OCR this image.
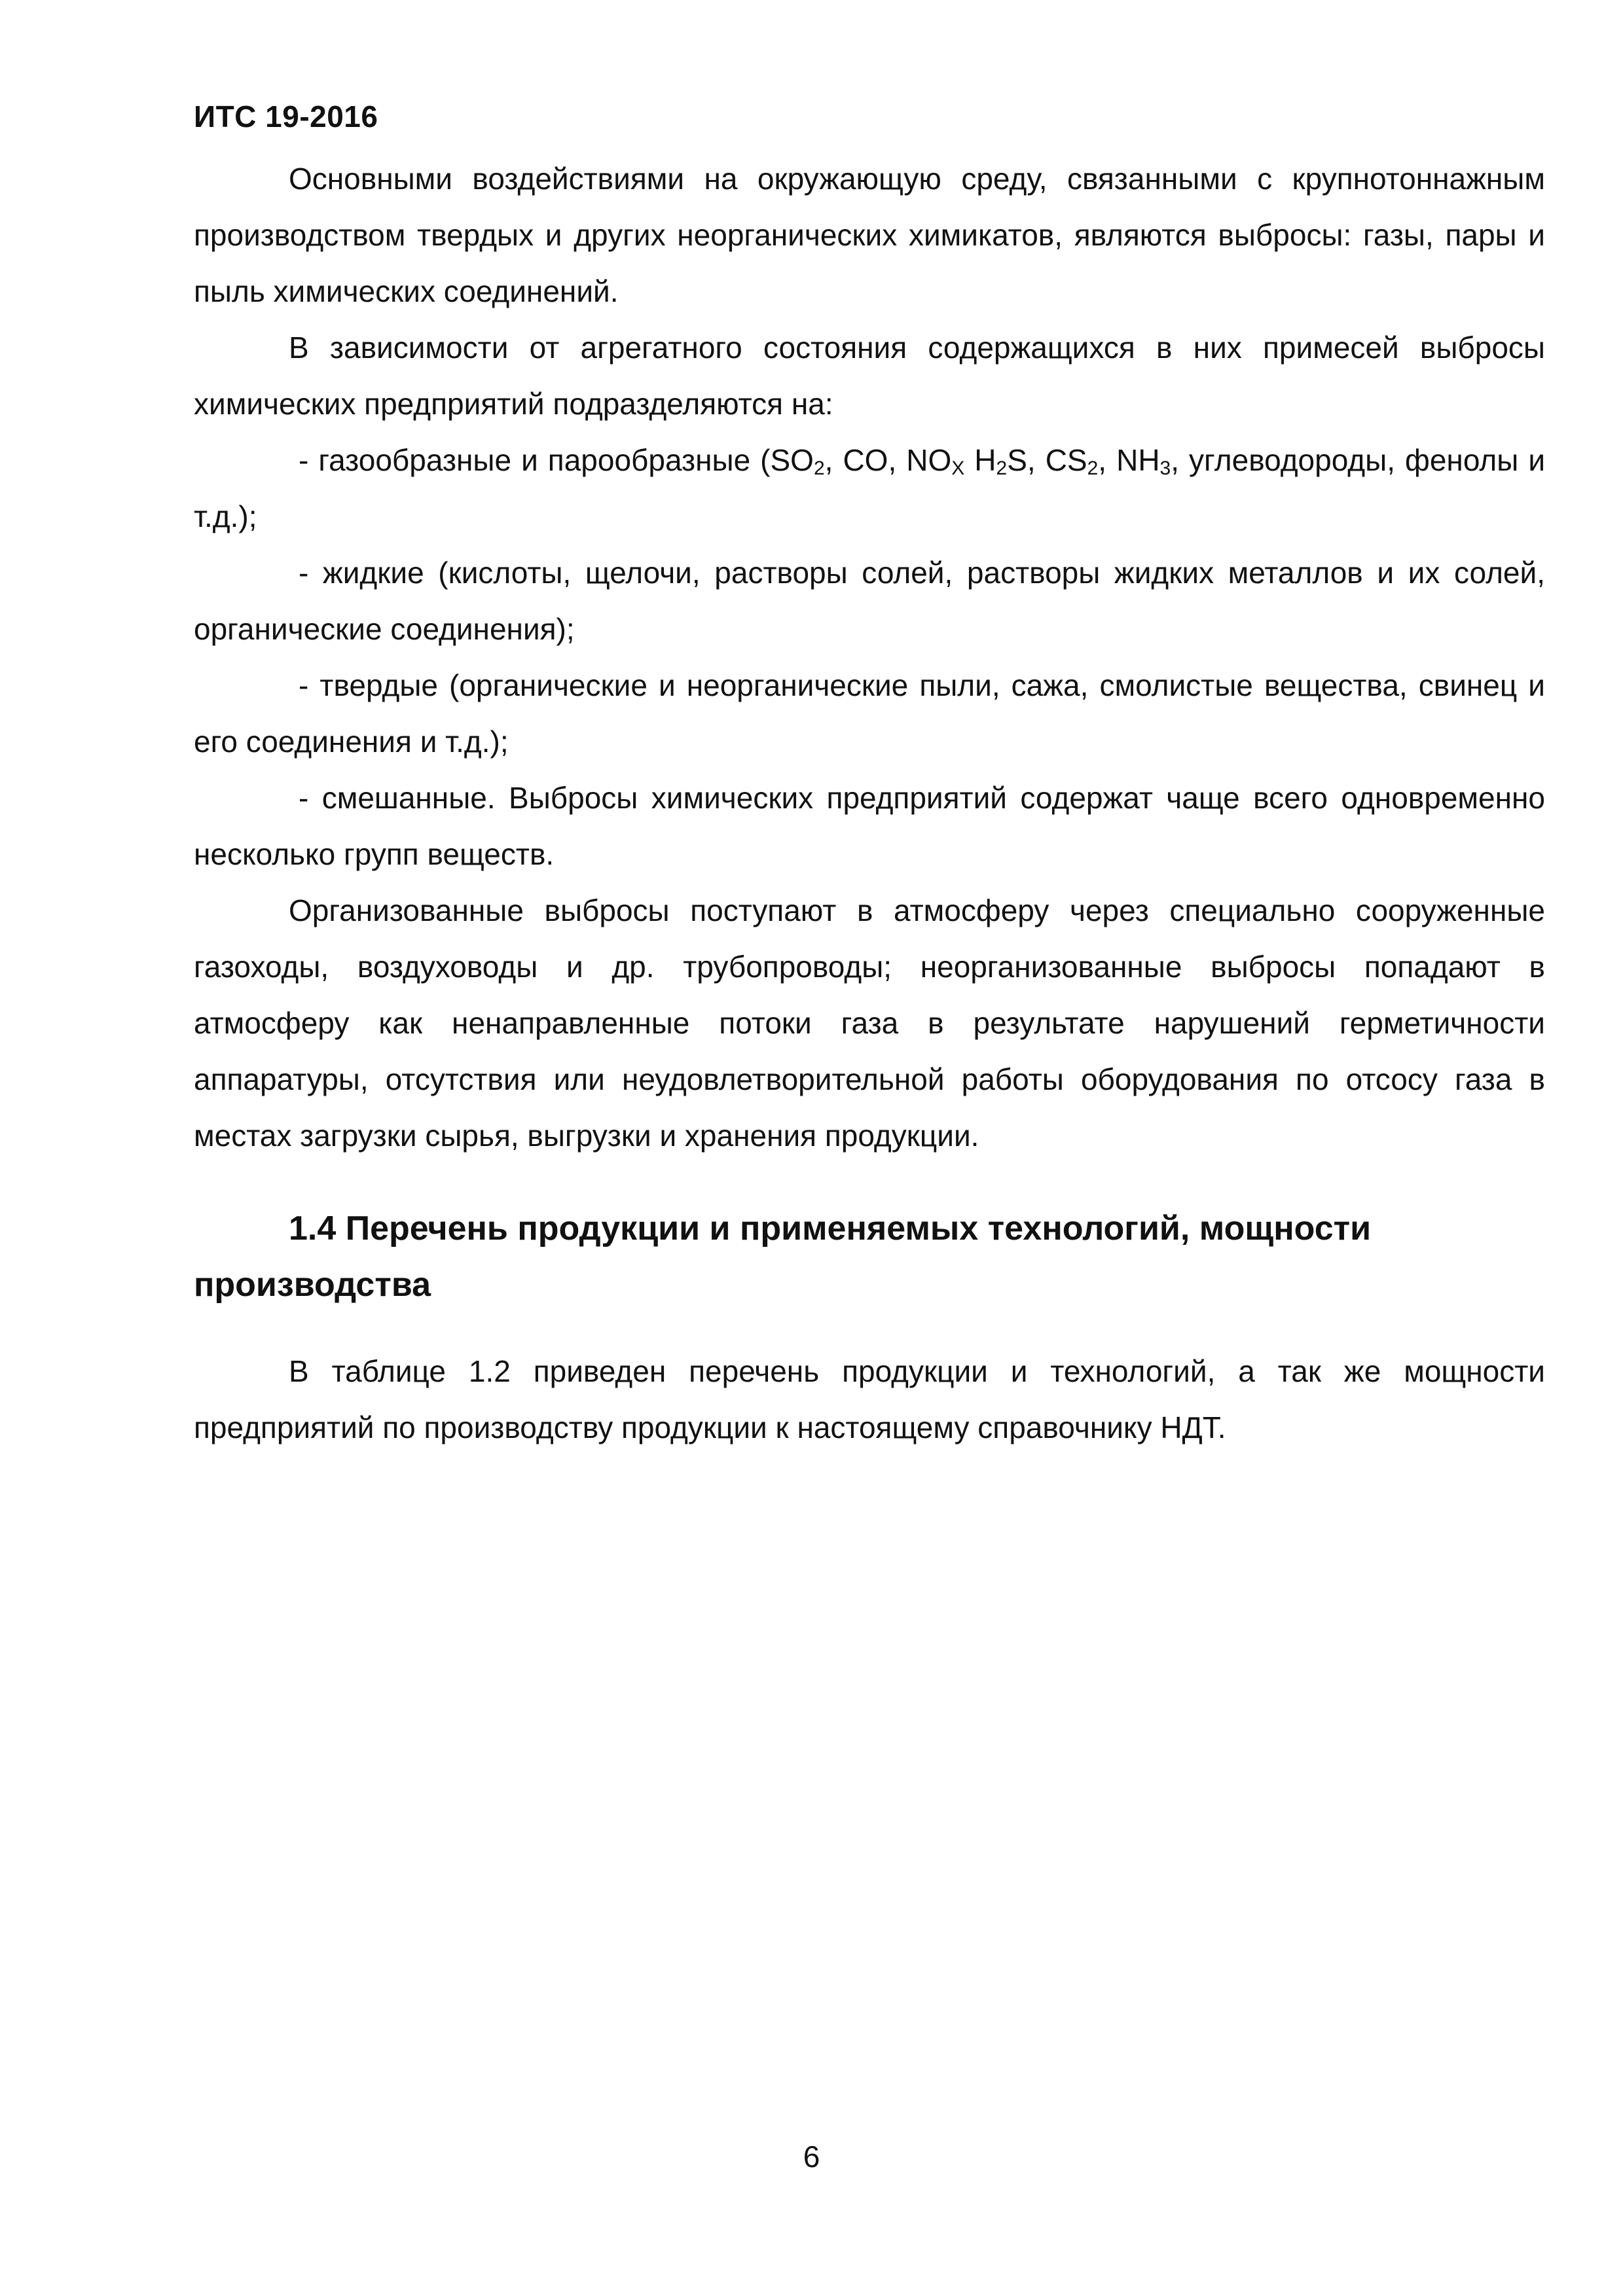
ИТС 19-2016

Основными воздействиями на окружающую среду, связанными с крупнотоннажным производством твердых и других неорганических химикатов, являются выбросы: газы, пары и пыль химических соединений.

В зависимости от агрегатного состояния содержащихся в них примесей выбросы химических предприятий подразделяются на:

- газообразные и парообразные ($SO_2$, CO, $NO_X$ $H_2S$, $CS_2$, $NH_3$, углеводороды, фенолы и т.д.);

- жидкие (кислоты, щелочи, растворы солей, растворы жидких металлов и их солей, органические соединения);

- твердые (органические и неорганические пыли, сажа, смолистые вещества, свинец и его соединения и т.д.);

- смешанные. Выбросы химических предприятий содержат чаще всего одновременно несколько групп веществ.

Организованные выбросы поступают в атмосферу через специально сооруженные газоходы, воздуховоды и др. трубопроводы; неорганизованные выбросы попадают в атмосферу как ненаправленные потоки газа в результате нарушений герметичности аппаратуры, отсутствия или неудовлетворительной работы оборудования по отсосу газа в местах загрузки сырья, выгрузки и хранения продукции.

1.4 Перечень продукции и применяемых технологий, мощности производства

В таблице 1.2 приведен перечень продукции и технологий, а так же мощности предприятий по производству продукции к настоящему справочнику НДТ.

6
